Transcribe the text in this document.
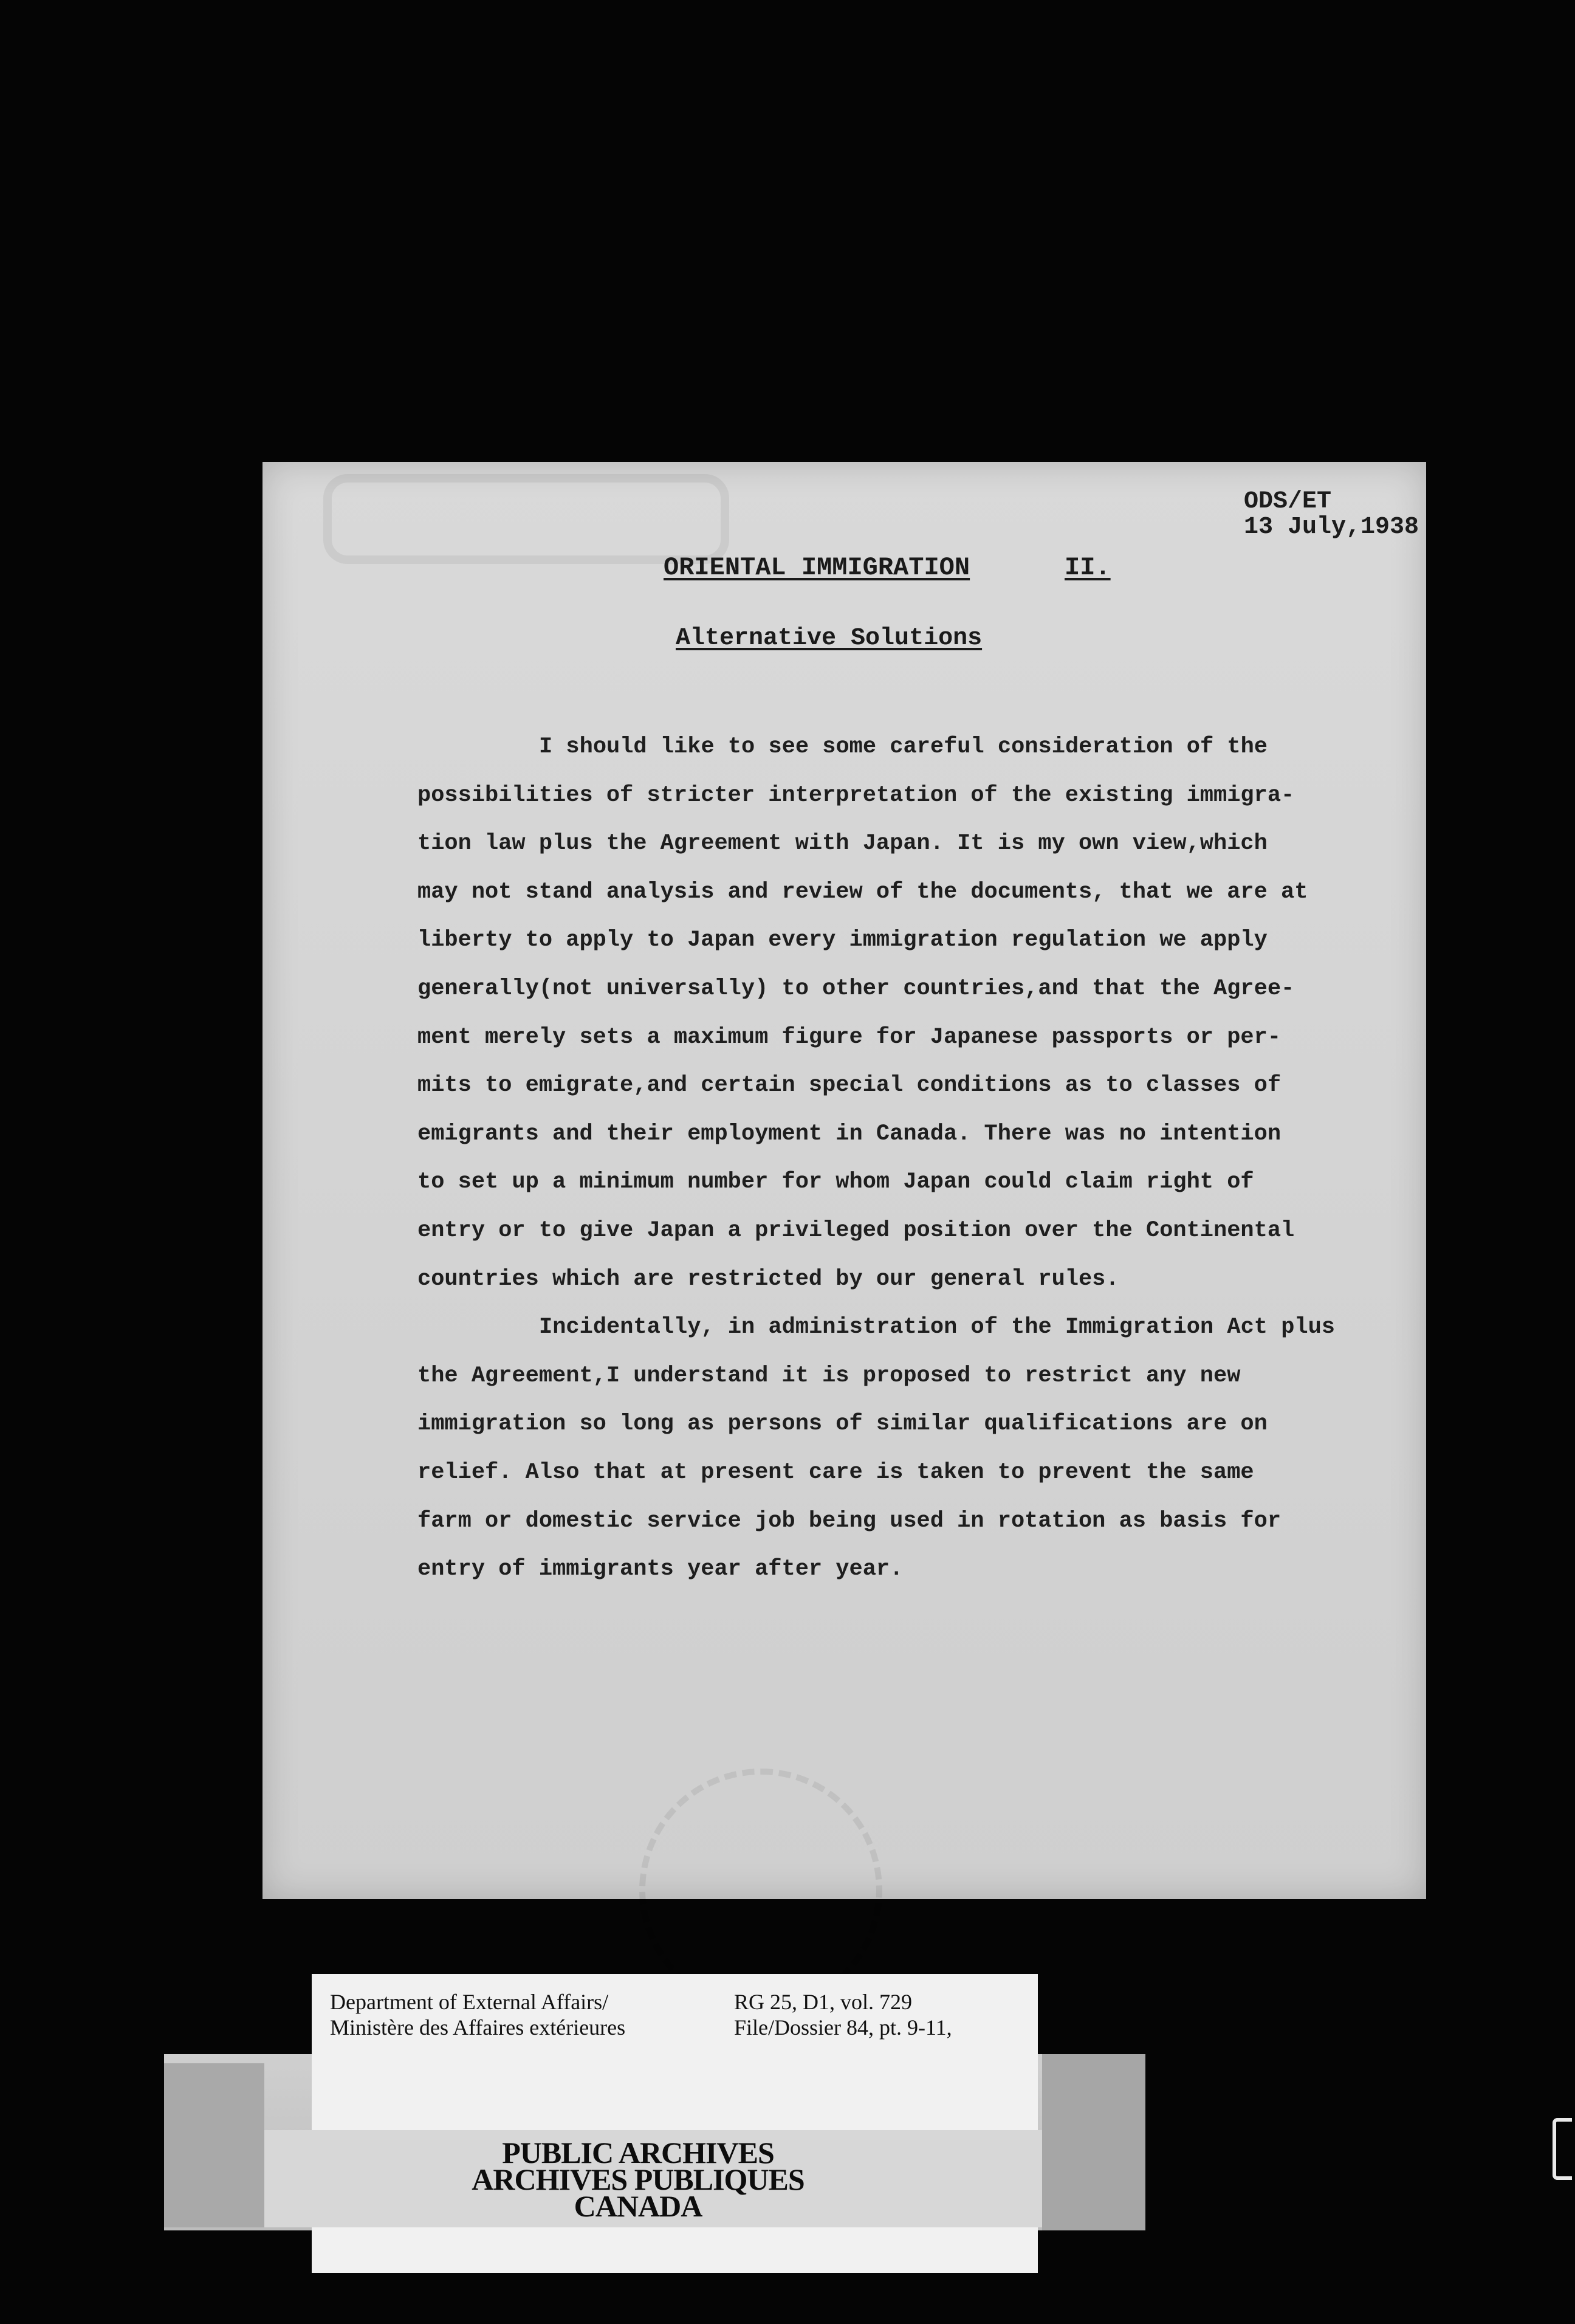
ODS/ET
13 July,1938
ORIENTAL IMMIGRATION	II.
Alternative Solutions
I should like to see some careful consideration of the
possibilities of stricter interpretation of the existing immigra-
tion law plus the Agreement with Japan. It is my own view,which
may not stand analysis and review of the documents, that we are at
liberty to apply to Japan every immigration regulation we apply
generally(not universally) to other countries,and that the Agree-
ment merely sets a maximum figure for Japanese passports or per-
mits to emigrate,and certain special conditions as to classes of
emigrants and their employment in Canada. There was no intention
to set up a minimum number for whom Japan could claim right of
entry or to give Japan a privileged position over the Continental
countries which are restricted by our general rules.
Incidentally, in administration of the Immigration Act plus
the Agreement,I understand it is proposed to restrict any new
immigration so long as persons of similar qualifications are on
relief. Also that at present care is taken to prevent the same
farm or domestic service job being used in rotation as basis for
entry of immigrants year after year.
Department of External Affairs/
Ministère des Affaires extérieures
RG 25, D1, vol. 729
File/Dossier 84, pt. 9-11,
PUBLIC ARCHIVES
ARCHIVES PUBLIQUES
CANADA
